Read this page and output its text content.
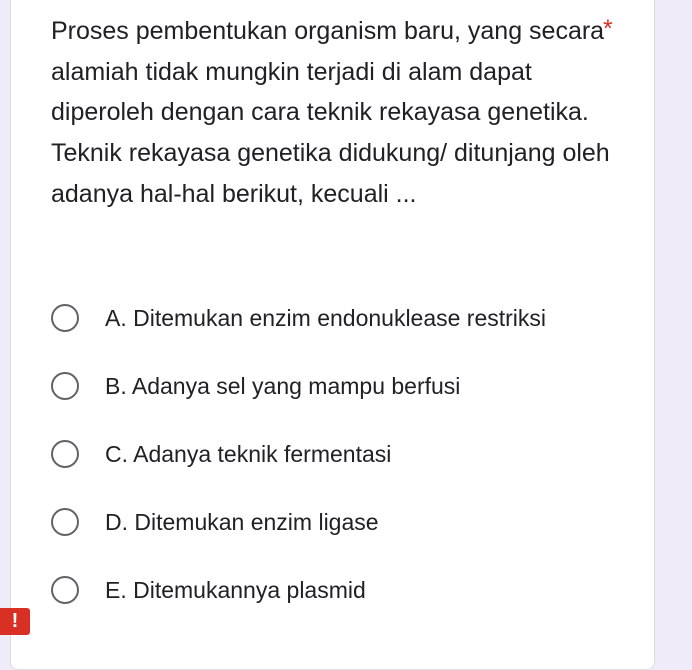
Proses pembentukan organism baru, yang secara alamiah tidak mungkin terjadi di alam dapat diperoleh dengan cara teknik rekayasa genetika. Teknik rekayasa genetika didukung/ ditunjang oleh adanya hal-hal berikut, kecuali ...
*
A. Ditemukan enzim endonuklease restriksi
B. Adanya sel yang mampu berfusi
C. Adanya teknik fermentasi
D. Ditemukan enzim ligase
E. Ditemukannya plasmid
!
